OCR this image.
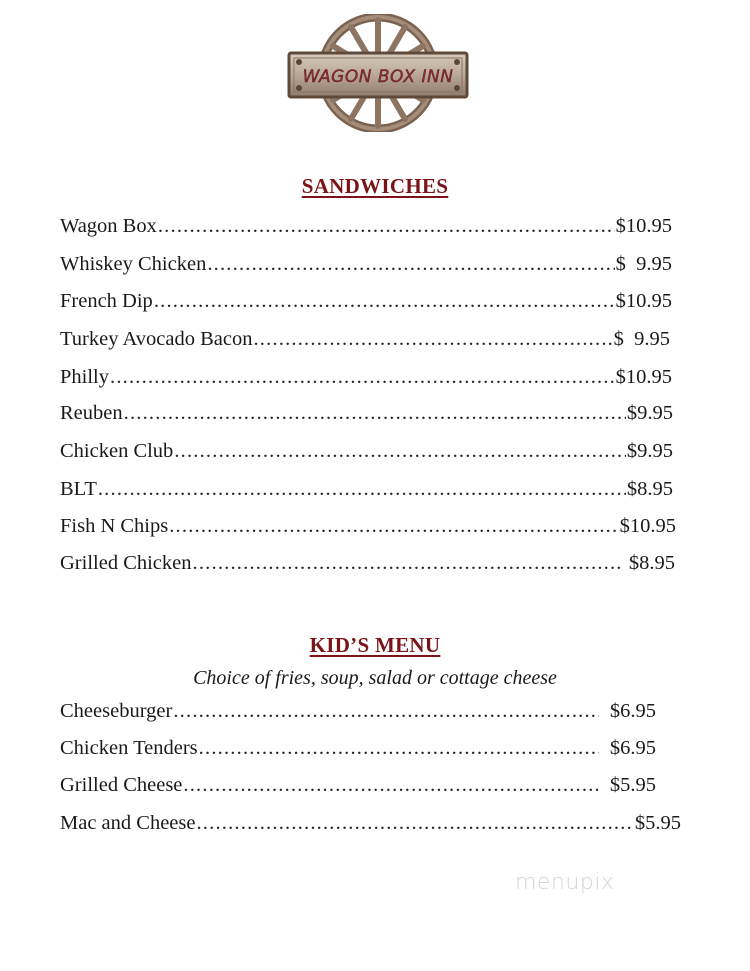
WAGON BOX INN
SANDWICHES
Wagon Box .....	$10.95
Whiskey Chicken .....	$  9.95
French Dip .....	$10.95
Turkey Avocado Bacon .....	$  9.95
Philly .....	$10.95
Reuben .....	$9.95
Chicken Club .....	$9.95
BLT .....	$8.95
Fish N Chips .....	$10.95
Grilled Chicken .....	$8.95
KID’S MENU
Choice of fries, soup, salad or cottage cheese
Cheeseburger .....	$6.95
Chicken Tenders .....	$6.95
Grilled Cheese .....	$5.95
Mac and Cheese .....	$5.95
menupix
